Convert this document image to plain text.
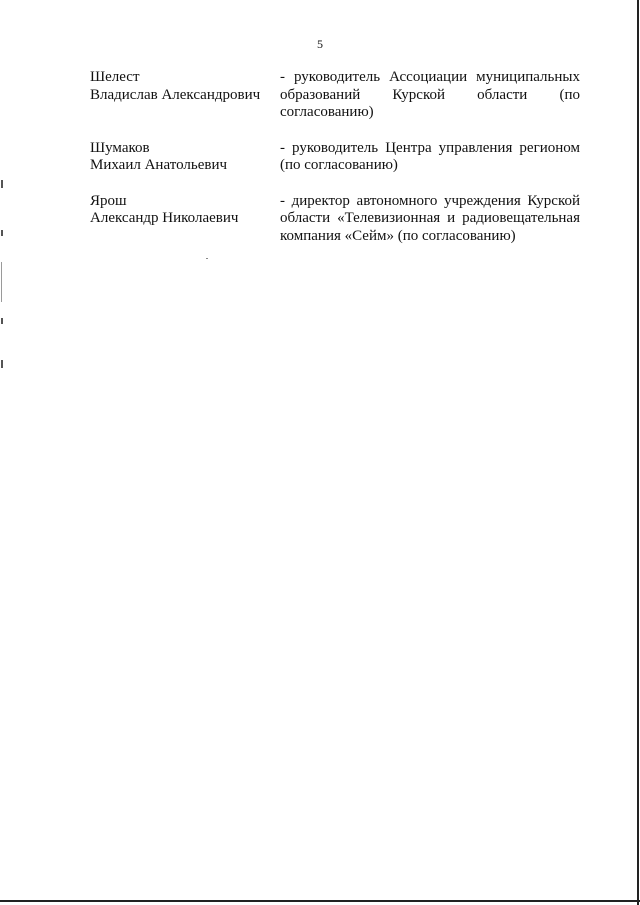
5
Шелест
Владислав Александрович
- руководитель Ассоциации муниципальных
образований Курской области (по
согласованию)
Шумаков
Михаил Анатольевич
- руководитель Центра управления регионом
(по согласованию)
Ярош
Александр Николаевич
- директор автономного учреждения Курской
области «Телевизионная и радиовещательная
компания «Сейм» (по согласованию)
